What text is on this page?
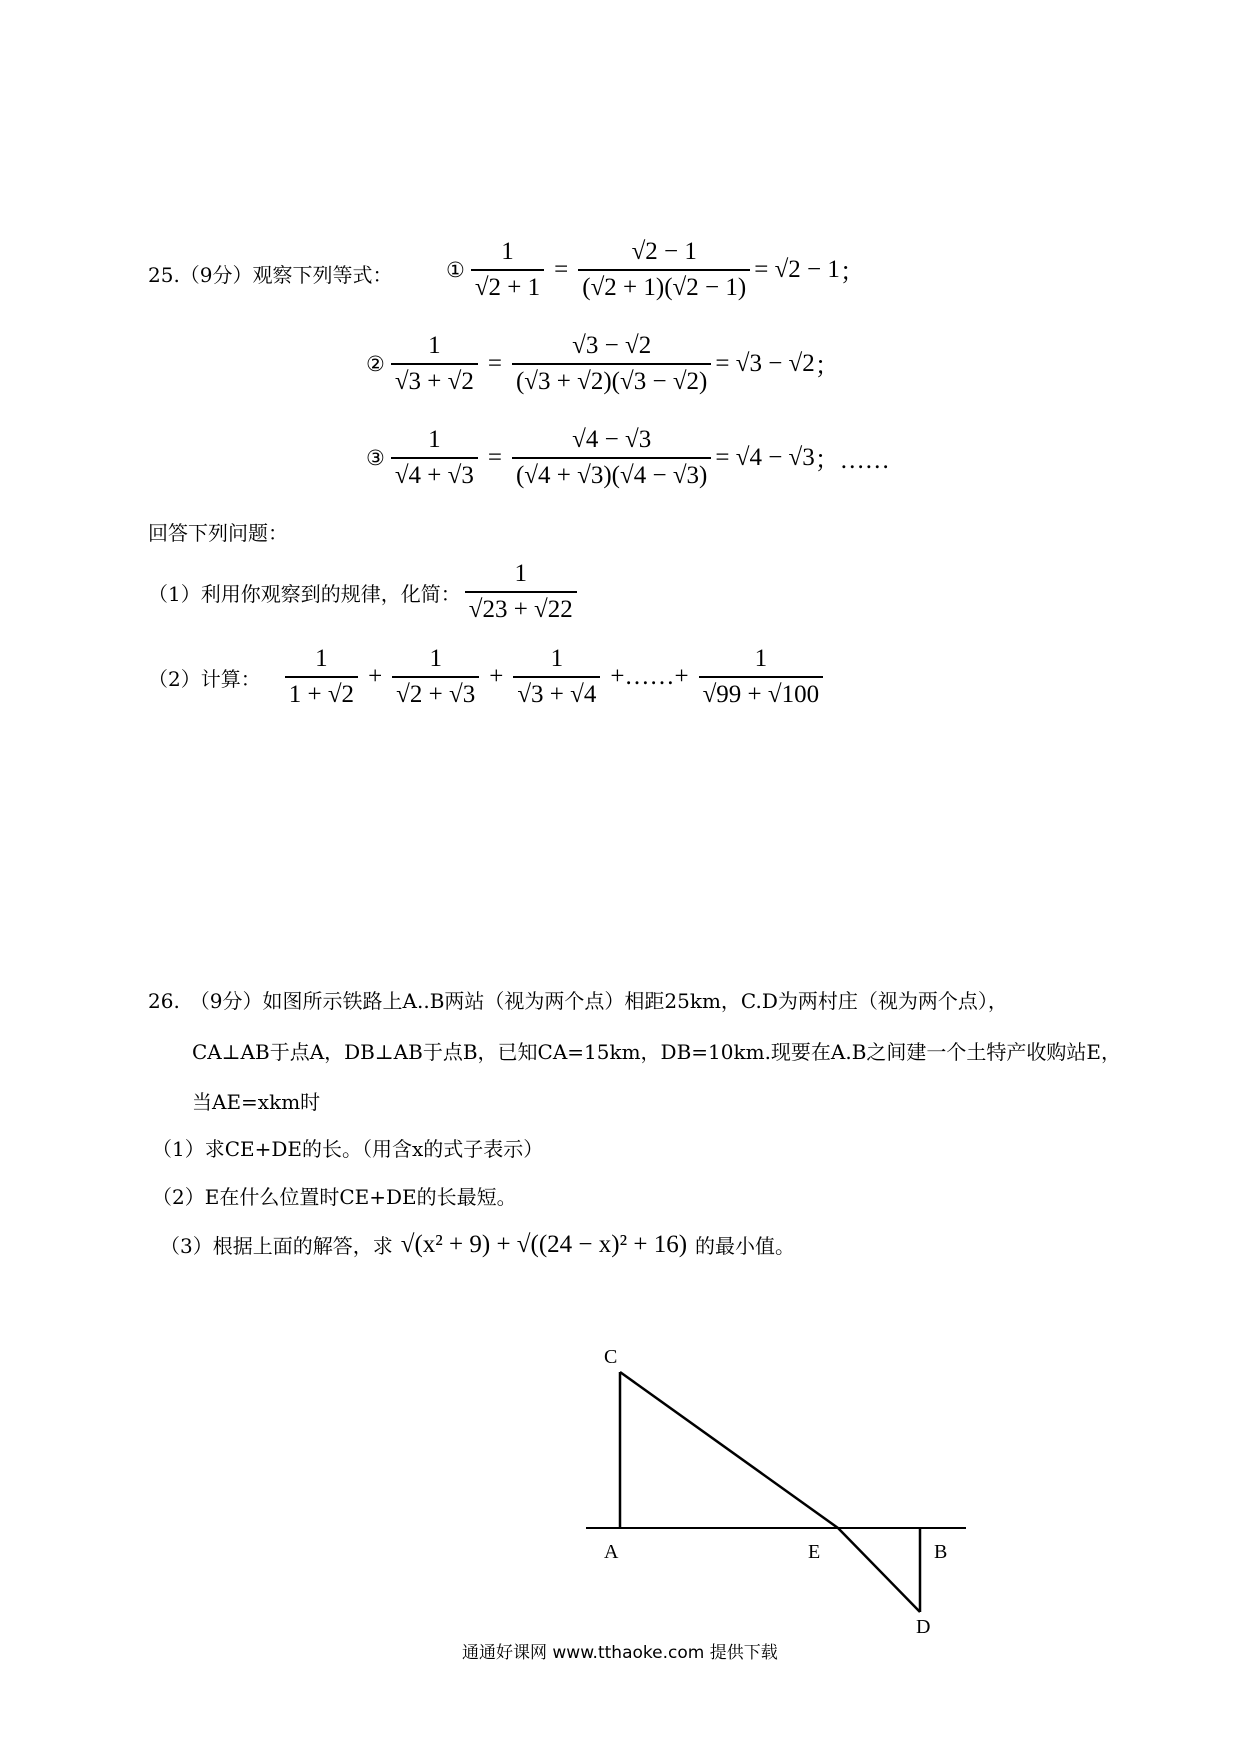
25.（9分）观察下列等式：	① $\frac{1}{√2 + 1} = \frac{√2 - 1}{(√2 + 1)(√2 - 1)} = √2 - 1$ ；
② $\frac{1}{√3 + √2} = \frac{√3 - √2}{(√3 + √2)(√3 - √2)} = √3 - √2$ ；
③ $\frac{1}{√4 + √3} = \frac{√4 - √3}{(√4 + √3)(√4 - √3)} = √4 - √3$ ；……
回答下列问题：
（1）利用你观察到的规律，化简： $\frac{1}{√23 + √22}$
（2）计算： $\frac{1}{1 + √2} + \frac{1}{√2 + √3} + \frac{1}{√3 + √4}$ +……+ $\frac{1}{√99 + √100}$
26.　（9分）如图所示铁路上A..B两站（视为两个点）相距25km，C.D为两村庄（视为两个点），
CA⊥AB于点A，DB⊥AB于点B，已知CA=15km，DB=10km.现要在A.B之间建一个土特产收购站E，
当AE=xkm时
（1）求CE+DE的长。（用含x的式子表示）
（2）E在什么位置时CE+DE的长最短。
（3）根据上面的解答，求 √(x² + 9) + √((24 − x)² + 16) 的最小值。
C
A	E	B
D
通通好课网 www.tthaoke.com 提供下载
